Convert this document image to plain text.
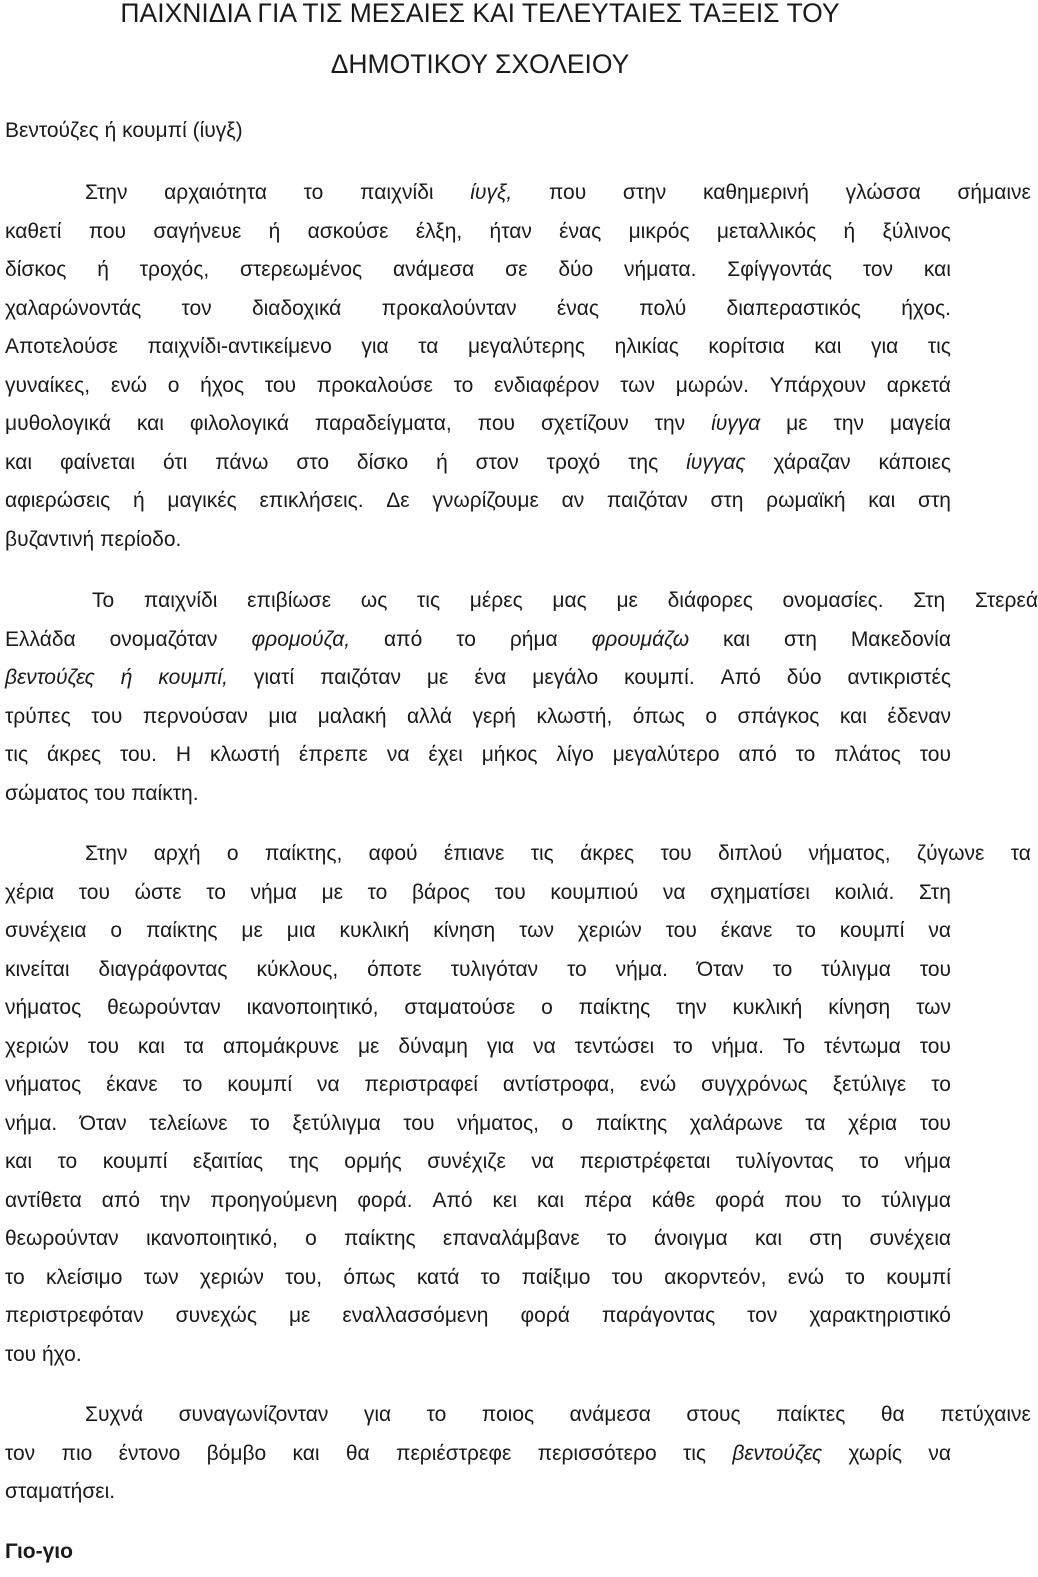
ΠΑΙΧΝΙΔΙΑ ΓΙΑ ΤΙΣ ΜΕΣΑΙΕΣ ΚΑΙ ΤΕΛΕΥΤΑΙΕΣ ΤΑΞΕΙΣ ΤΟΥ
ΔΗΜΟΤΙΚΟΥ ΣΧΟΛΕΙΟΥ
Βεντούζες ή κουμπί (ίυγξ)
Στην αρχαιότητα το παιχνίδι ίυγξ, που στην καθημερινή γλώσσα σήμαινε
καθετί που σαγήνευε ή ασκούσε έλξη, ήταν ένας μικρός μεταλλικός ή ξύλινος
δίσκος ή τροχός, στερεωμένος ανάμεσα σε δύο νήματα. Σφίγγοντάς τον και
χαλαρώνοντάς τον διαδοχικά προκαλούνταν ένας πολύ διαπεραστικός ήχος.
Αποτελούσε παιχνίδι-αντικείμενο για τα μεγαλύτερης ηλικίας κορίτσια και για τις
γυναίκες, ενώ ο ήχος του προκαλούσε το ενδιαφέρον των μωρών. Υπάρχουν αρκετά
μυθολογικά και φιλολογικά παραδείγματα, που σχετίζουν την ίυγγα με την μαγεία
και φαίνεται ότι πάνω στο δίσκο ή στον τροχό της ίυγγας χάραζαν κάποιες
αφιερώσεις ή μαγικές επικλήσεις. Δε γνωρίζουμε αν παιζόταν στη ρωμαϊκή και στη
βυζαντινή περίοδο.
Το παιχνίδι επιβίωσε ως τις μέρες μας με διάφορες ονομασίες. Στη Στερεά
Ελλάδα ονομαζόταν φρομούζα, από το ρήμα φρουμάζω και στη Μακεδονία
βεντούζες ή κουμπί, γιατί παιζόταν με ένα μεγάλο κουμπί. Από δύο αντικριστές
τρύπες του περνούσαν μια μαλακή αλλά γερή κλωστή, όπως ο σπάγκος και έδεναν
τις άκρες του. Η κλωστή έπρεπε να έχει μήκος λίγο μεγαλύτερο από το πλάτος του
σώματος του παίκτη.
Στην αρχή ο παίκτης, αφού έπιανε τις άκρες του διπλού νήματος, ζύγωνε τα
χέρια του ώστε το νήμα με το βάρος του κουμπιού να σχηματίσει κοιλιά. Στη
συνέχεια ο παίκτης με μια κυκλική κίνηση των χεριών του έκανε το κουμπί να
κινείται διαγράφοντας κύκλους, όποτε τυλιγόταν το νήμα. Όταν το τύλιγμα του
νήματος θεωρούνταν ικανοποιητικό, σταματούσε ο παίκτης την κυκλική κίνηση των
χεριών του και τα απομάκρυνε με δύναμη για να τεντώσει το νήμα. Το τέντωμα του
νήματος έκανε το κουμπί να περιστραφεί αντίστροφα, ενώ συγχρόνως ξετύλιγε το
νήμα. Όταν τελείωνε το ξετύλιγμα του νήματος, ο παίκτης χαλάρωνε τα χέρια του
και το κουμπί εξαιτίας της ορμής συνέχιζε να περιστρέφεται τυλίγοντας το νήμα
αντίθετα από την προηγούμενη φορά. Από κει και πέρα κάθε φορά που το τύλιγμα
θεωρούνταν ικανοποιητικό, ο παίκτης επαναλάμβανε το άνοιγμα και στη συνέχεια
το κλείσιμο των χεριών του, όπως κατά το παίξιμο του ακορντεόν, ενώ το κουμπί
περιστρεφόταν συνεχώς με εναλλασσόμενη φορά παράγοντας τον χαρακτηριστικό
του ήχο.
Συχνά συναγωνίζονταν για το ποιος ανάμεσα στους παίκτες θα πετύχαινε
τον πιο έντονο βόμβο και θα περιέστρεφε περισσότερο τις βεντούζες χωρίς να
σταματήσει.
Γιο-γιο
